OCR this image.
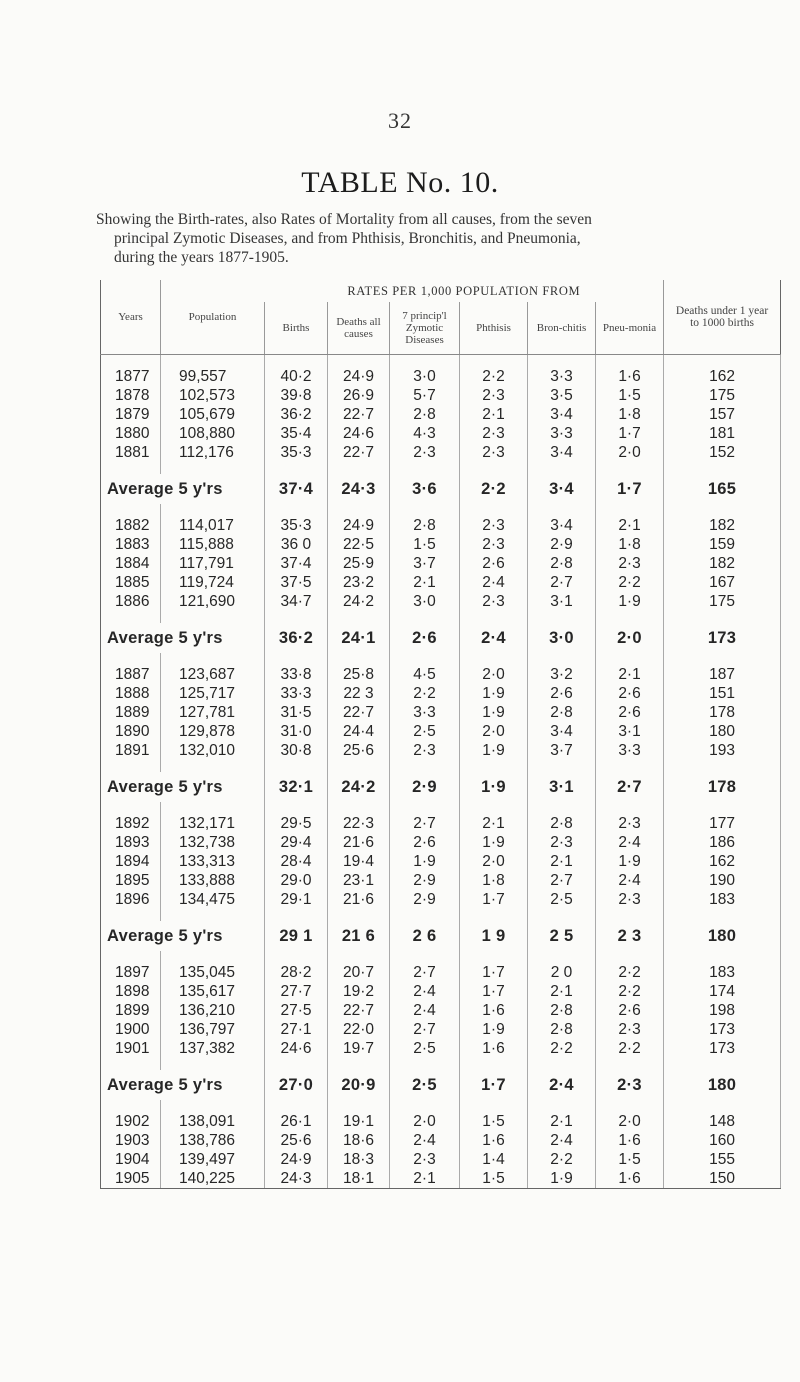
32
TABLE No. 10.
Showing the Birth-rates, also Rates of Mortality from all causes, from the seven
principal Zymotic Diseases, and from Phthisis, Bronchitis, and Pneumonia,
during the years 1877-1905.
Years	Population	RATES PER 1,000 POPULATION FROM						Deaths under 1 year to 1000 births
		Births	Deaths all causes	7 princip'l Zymotic Diseases	Phthisis	Bron-chitis	Pneu-monia	

1877	99,557	40·2	24·9	3·0	2·2	3·3	1·6	162
1878	102,573	39·8	26·9	5·7	2·3	3·5	1·5	175
1879	105,679	36·2	22·7	2·8	2·1	3·4	1·8	157
1880	108,880	35·4	24·6	4·3	2·3	3·3	1·7	181
1881	112,176	35·3	22·7	2·3	2·3	3·4	2·0	152

Average 5 y'rs		37·4	24·3	3·6	2·2	3·4	1·7	165

1882	114,017	35·3	24·9	2·8	2·3	3·4	2·1	182
1883	115,888	36 0	22·5	1·5	2·3	2·9	1·8	159
1884	117,791	37·4	25·9	3·7	2·6	2·8	2·3	182
1885	119,724	37·5	23·2	2·1	2·4	2·7	2·2	167
1886	121,690	34·7	24·2	3·0	2·3	3·1	1·9	175

Average 5 y'rs		36·2	24·1	2·6	2·4	3·0	2·0	173

1887	123,687	33·8	25·8	4·5	2·0	3·2	2·1	187
1888	125,717	33·3	22 3	2·2	1·9	2·6	2·6	151
1889	127,781	31·5	22·7	3·3	1·9	2·8	2·6	178
1890	129,878	31·0	24·4	2·5	2·0	3·4	3·1	180
1891	132,010	30·8	25·6	2·3	1·9	3·7	3·3	193

Average 5 y'rs		32·1	24·2	2·9	1·9	3·1	2·7	178

1892	132,171	29·5	22·3	2·7	2·1	2·8	2·3	177
1893	132,738	29·4	21·6	2·6	1·9	2·3	2·4	186
1894	133,313	28·4	19·4	1·9	2·0	2·1	1·9	162
1895	133,888	29·0	23·1	2·9	1·8	2·7	2·4	190
1896	134,475	29·1	21·6	2·9	1·7	2·5	2·3	183

Average 5 y'rs		29 1	21 6	2 6	1 9	2 5	2 3	180

1897	135,045	28·2	20·7	2·7	1·7	2 0	2·2	183
1898	135,617	27·7	19·2	2·4	1·7	2·1	2·2	174
1899	136,210	27·5	22·7	2·4	1·6	2·8	2·6	198
1900	136,797	27·1	22·0	2·7	1·9	2·8	2·3	173
1901	137,382	24·6	19·7	2·5	1·6	2·2	2·2	173

Average 5 y'rs		27·0	20·9	2·5	1·7	2·4	2·3	180

1902	138,091	26·1	19·1	2·0	1·5	2·1	2·0	148
1903	138,786	25·6	18·6	2·4	1·6	2·4	1·6	160
1904	139,497	24·9	18·3	2·3	1·4	2·2	1·5	155
1905	140,225	24·3	18·1	2·1	1·5	1·9	1·6	150
